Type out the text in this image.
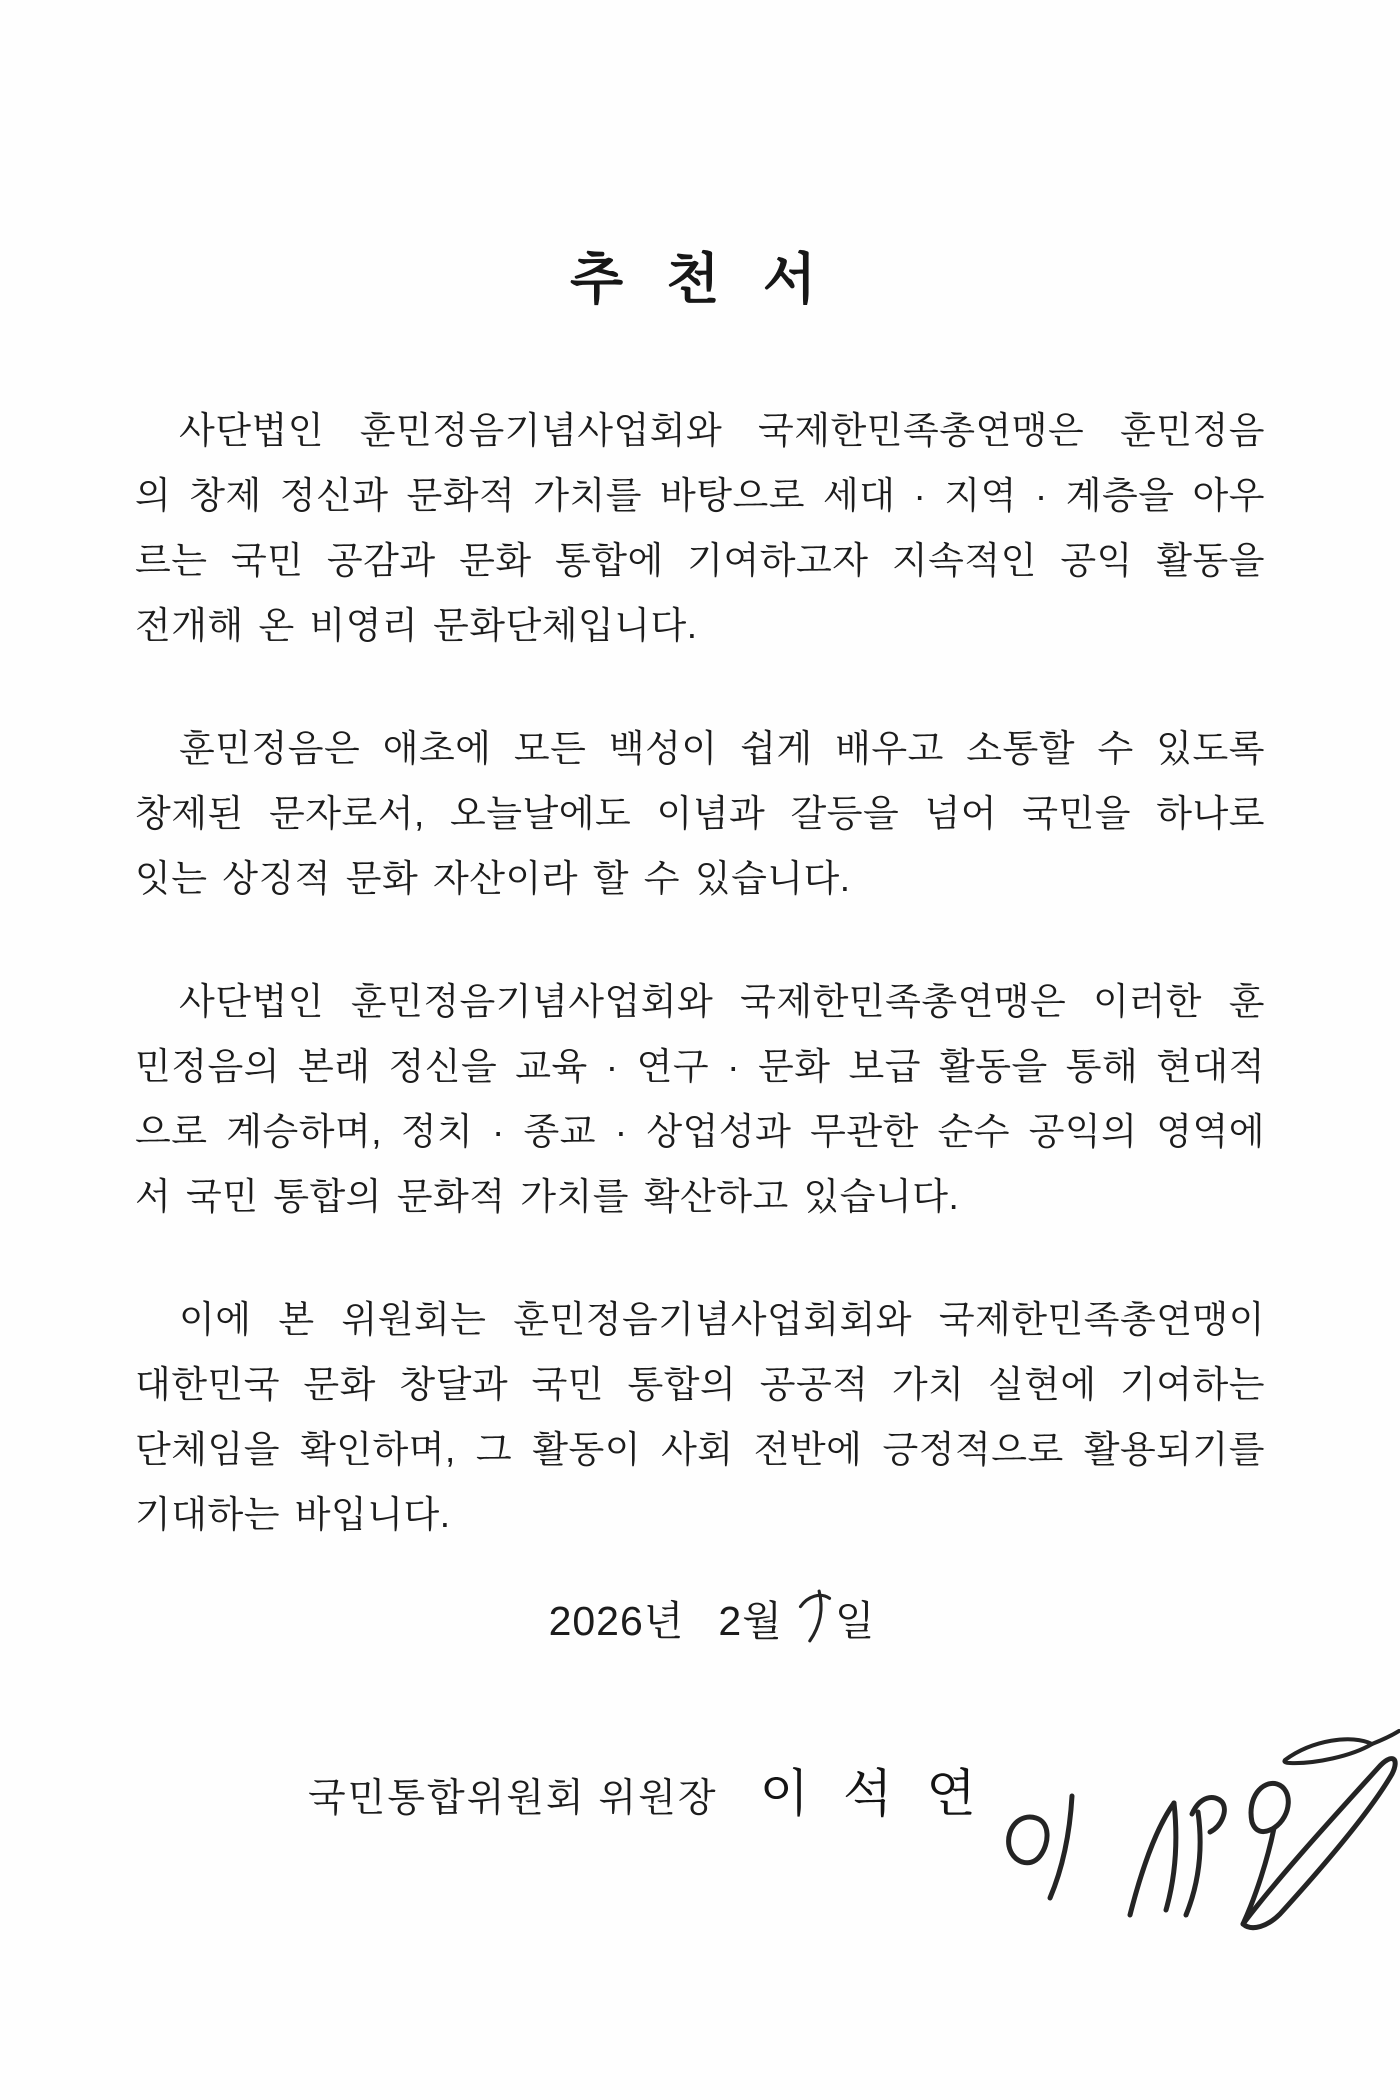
추 천 서
사단법인 훈민정음기념사업회와 국제한민족총연맹은 훈민정음
의 창제 정신과 문화적 가치를 바탕으로 세대 · 지역 · 계층을 아우
르는 국민 공감과 문화 통합에 기여하고자 지속적인 공익 활동을
전개해 온 비영리 문화단체입니다.
훈민정음은 애초에 모든 백성이 쉽게 배우고 소통할 수 있도록
창제된 문자로서, 오늘날에도 이념과 갈등을 넘어 국민을 하나로
잇는 상징적 문화 자산이라 할 수 있습니다.
사단법인 훈민정음기념사업회와 국제한민족총연맹은 이러한 훈
민정음의 본래 정신을 교육 · 연구 · 문화 보급 활동을 통해 현대적
으로 계승하며, 정치 · 종교 · 상업성과 무관한 순수 공익의 영역에
서 국민 통합의 문화적 가치를 확산하고 있습니다.
이에 본 위원회는 훈민정음기념사업회회와 국제한민족총연맹이
대한민국 문화 창달과 국민 통합의 공공적 가치 실현에 기여하는
단체임을 확인하며, 그 활동이 사회 전반에 긍정적으로 활용되기를
기대하는 바입니다.
2026년 2월 일
국민통합위원회 위원장 이 석 연
